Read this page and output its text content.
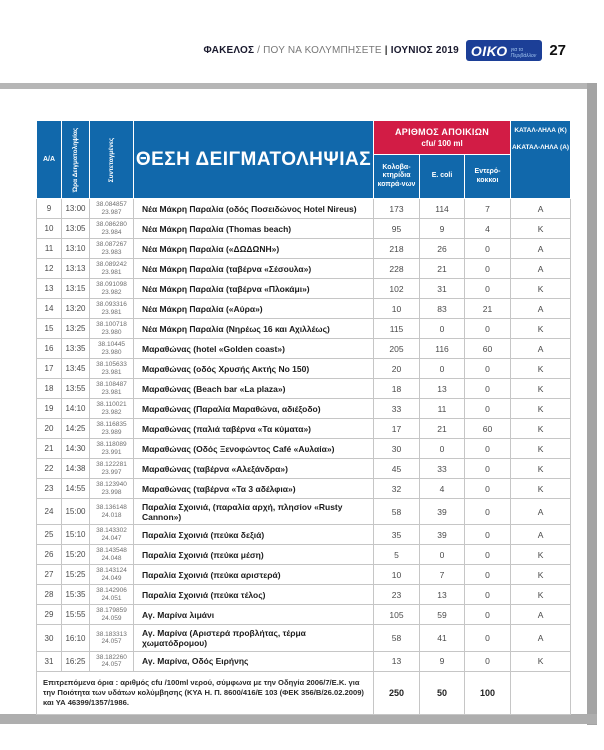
ΦΑΚΕΛΟΣ / ΠΟΥ ΝΑ ΚΟΛΥΜΠΗΣΕΤΕ | ΙΟΥΝΙΟΣ 2019 ΟΙΚΟ για το
Περιβάλλον 27
Α/Α	Ώρα Δειγματοληψίας	Συντεταγμένες	ΘΕΣΗ ΔΕΙΓΜΑΤΟΛΗΨΙΑΣ	
ΑΡΙΘΜΟΣ ΑΠΟΙΚΙΩΝ
cfu/ 100 ml

ΚΑΤΑΛ-ΛΗΛΑ (Κ)
ΑΚΑΤΑΛ-ΛΗΛΑ (Α)

				Κολοβα-κτηρίδια κοπρά-νων	E. coli	Εντερό-κοκκοι	
9	13:00	38.084857
23.987	Νέα Μάκρη Παραλία (οδός Ποσειδώνος Hotel Nireus)	173	114	7	Α
10	13:05	38.086280
23.984	Νέα Μάκρη Παραλία (Thomas beach)	95	9	4	Κ
11	13:10	38.087267
23.983	Νέα Μάκρη Παραλία («ΔΩΔΩΝΗ»)	218	26	0	Α
12	13:13	38.089242
23.981	Νέα Μάκρη Παραλία (ταβέρνα «Σέσουλα»)	228	21	0	Α
13	13:15	38.091098
23.982	Νέα Μάκρη Παραλία (ταβέρνα «Πλοκάμι»)	102	31	0	Κ
14	13:20	38.093316
23.981	Νέα Μάκρη Παραλία («Αύρα»)	10	83	21	Α
15	13:25	38.100718
23.980	Νέα Μάκρη Παραλία (Νηρέως 16 και Αχιλλέως)	115	0	0	Κ
16	13:35	38.10445
23.980	Μαραθώνας (hotel «Golden coast»)	205	116	60	Α
17	13:45	38.105633
23.981	Μαραθώνας (οδός Χρυσής Ακτής Νο 150)	20	0	0	Κ
18	13:55	38.108487
23.981	Μαραθώνας (Beach bar «La plaza»)	18	13	0	Κ
19	14:10	38.110021
23.982	Μαραθώνας (Παραλία Μαραθώνα, αδιέξοδο)	33	11	0	Κ
20	14:25	38.116835
23.989	Μαραθώνας (παλιά ταβέρνα «Τα κύματα»)	17	21	60	Κ
21	14:30	38.118089
23.991	Μαραθώνας (Οδός Ξενοφώντος Café «Αυλαία»)	30	0	0	Κ
22	14:38	38.122281
23.997	Μαραθώνας (ταβέρνα «Αλεξάνδρα»)	45	33	0	Κ
23	14:55	38.123940
23.998	Μαραθώνας (ταβέρνα «Τα 3 αδέλφια»)	32	4	0	Κ
24	15:00	38.136148
24.018	Παραλία Σχοινιά, (παραλία αρχή, πλησίον «Rusty Cannon»)	58	39	0	Α
25	15:10	38.143302
24.047	Παραλία Σχοινιά (πεύκα δεξιά)	35	39	0	Α
26	15:20	38.143548
24.048	Παραλία Σχοινιά (πεύκα μέση)	5	0	0	Κ
27	15:25	38.143124
24.049	Παραλία Σχοινιά (πεύκα αριστερά)	10	7	0	Κ
28	15:35	38.142906
24.051	Παραλία Σχοινιά (πεύκα τέλος)	23	13	0	Κ
29	15:55	38.179859
24.059	Αγ. Μαρίνα λιμάνι	105	59	0	Α
30	16:10	38.183313
24.057	Αγ. Μαρίνα (Αριστερά προβλήτας, τέρμα χωματόδρομου)	58	41	0	Α
31	16:25	38.182260
24.057	Αγ. Μαρίνα, Οδός Ειρήνης	13	9	0	Κ
Επιτρεπόμενα όρια : αριθμός cfu /100ml νερού, σύμφωνα με την Οδηγία 2006/7/Ε.Κ. για την Ποιότητα των υδάτων κολύμβησης (ΚΥΑ Η. Π. 8600/416/Ε 103 (ΦΕΚ 356/Β/26.02.2009) και ΥΑ 46399/1357/1986.				250	50	100	
